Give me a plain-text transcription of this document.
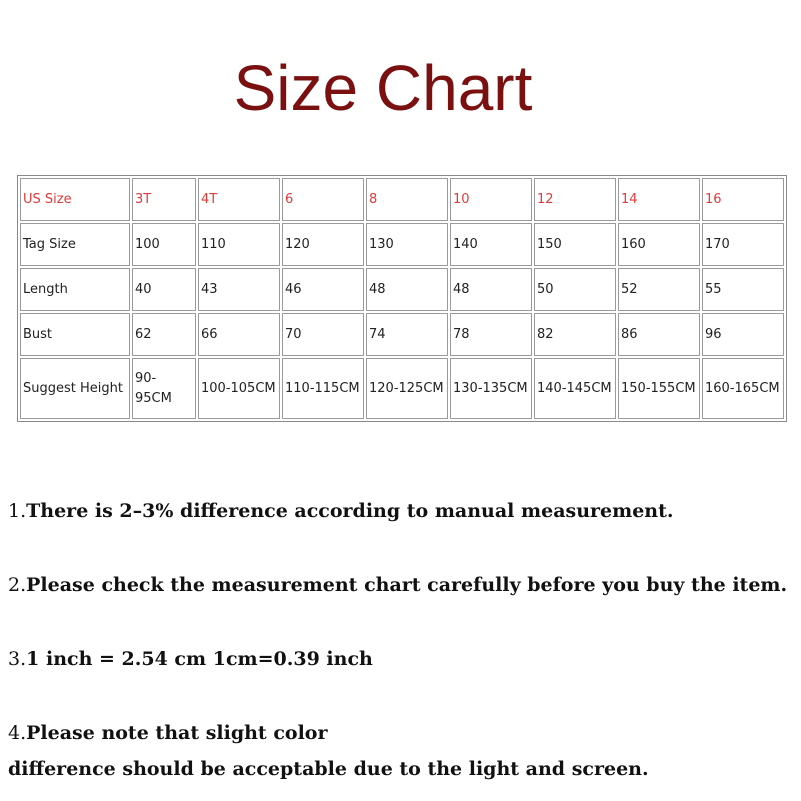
Size Chart
US Size	3T	4T	6	8	10	12	14	16
Tag Size	100	110	120	130	140	150	160	170
Length	40	43	46	48	48	50	52	55
Bust	62	66	70	74	78	82	86	96
Suggest Height	90-95CM	100-105CM	110-115CM	120-125CM	130-135CM	140-145CM	150-155CM	160-165CM
1.There is 2–3% difference according to manual measurement.
2.Please check the measurement chart carefully before you buy the item.
3.1 inch = 2.54 cm 1cm=0.39 inch
4.Please note that slight color
difference should be acceptable due to the light and screen.
